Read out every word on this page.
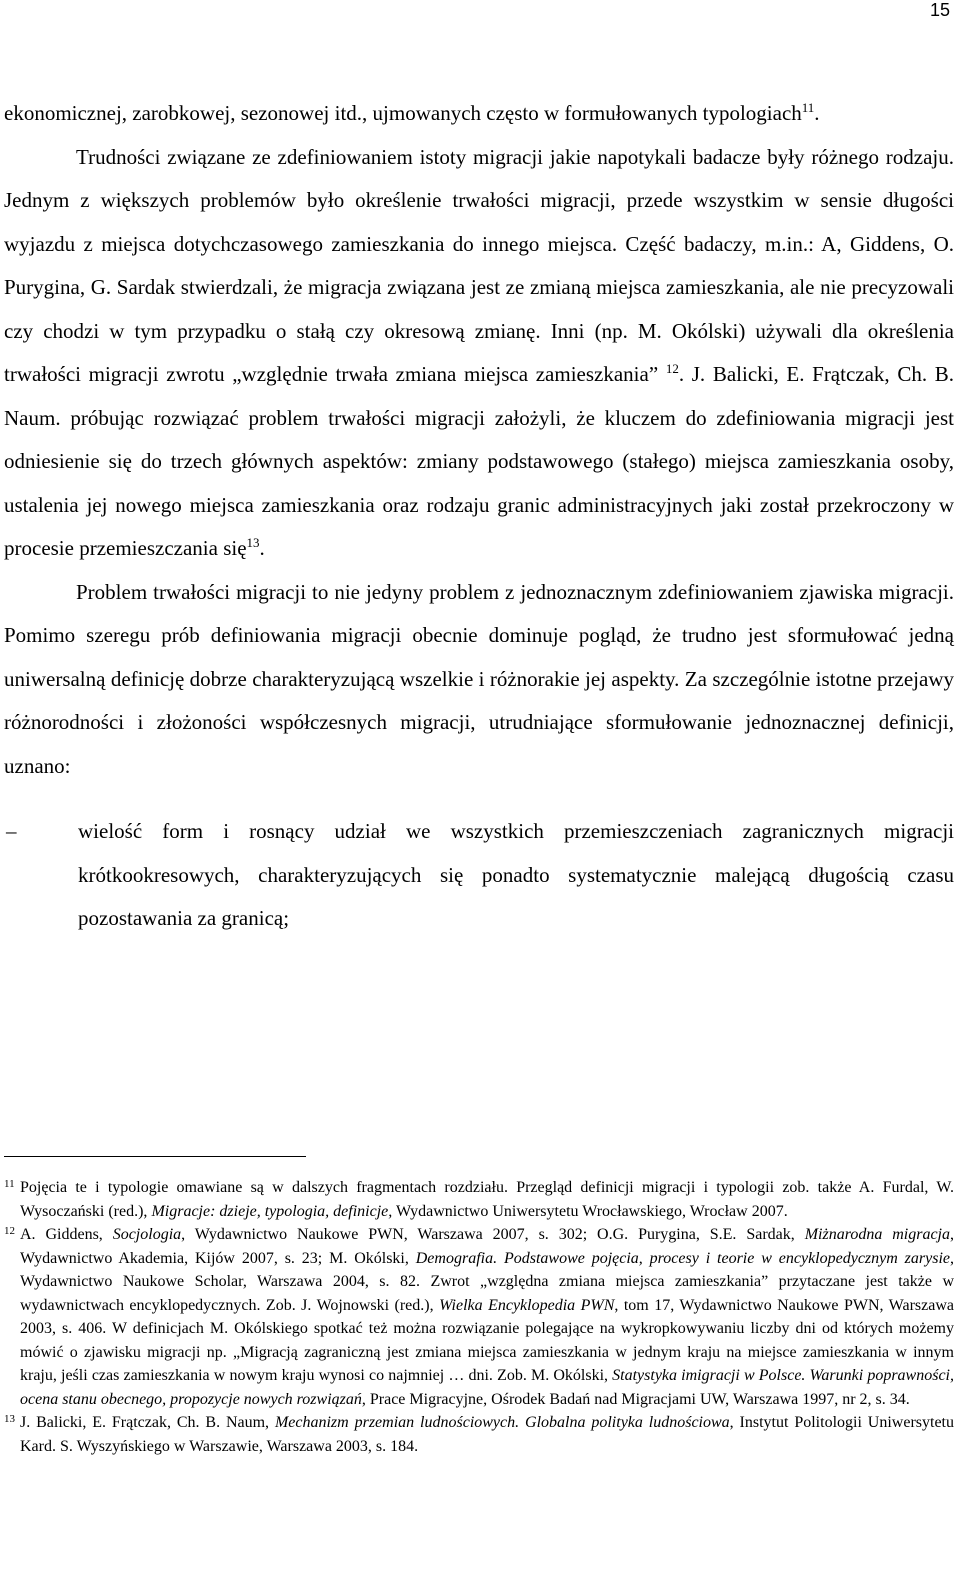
15

ekonomicznej, zarobkowej, sezonowej itd., ujmowanych często w formułowanych typologiach$^{11}$.

Trudności związane ze zdefiniowaniem istoty migracji jakie napotykali badacze były różnego rodzaju. Jednym z większych problemów było określenie trwałości migracji, przede wszystkim w sensie długości wyjazdu z miejsca dotychczasowego zamieszkania do innego miejsca. Część badaczy, m.in.: A, Giddens, O. Purygina, G. Sardak stwierdzali, że migracja związana jest ze zmianą miejsca zamieszkania, ale nie precyzowali czy chodzi w tym przypadku o stałą czy okresową zmianę. Inni (np. M. Okólski) używali dla określenia trwałości migracji zwrotu „względnie trwała zmiana miejsca zamieszkania” $^{12}$. J. Balicki, E. Frątczak, Ch. B. Naum. próbując rozwiązać problem trwałości migracji założyli, że kluczem do zdefiniowania migracji jest odniesienie się do trzech głównych aspektów: zmiany podstawowego (stałego) miejsca zamieszkania osoby, ustalenia jej nowego miejsca zamieszkania oraz rodzaju granic administracyjnych jaki został przekroczony w procesie przemieszczania się$^{13}$.

Problem trwałości migracji to nie jedyny problem z jednoznacznym zdefiniowaniem zjawiska migracji. Pomimo szeregu prób definiowania migracji obecnie dominuje pogląd, że trudno jest sformułować jedną uniwersalną definicję dobrze charakteryzującą wszelkie i różnorakie jej aspekty. Za szczególnie istotne przejawy różnorodności i złożoności współczesnych migracji, utrudniające sformułowanie jednoznacznej definicji, uznano:

–	wielość form i rosnący udział we wszystkich przemieszczeniach zagranicznych migracji krótkookresowych, charakteryzujących się ponadto systematycznie malejącą długością czasu pozostawania za granicą;
11 Pojęcia te i typologie omawiane są w dalszych fragmentach rozdziału. Przegląd definicji migracji i typologii zob. także A. Furdal, W. Wysoczański (red.), Migracje: dzieje, typologia, definicje, Wydawnictwo Uniwersytetu Wrocławskiego, Wrocław 2007.
12 A. Giddens, Socjologia, Wydawnictwo Naukowe PWN, Warszawa 2007, s. 302; O.G. Purygina, S.E. Sardak, Miżnarodna migracja, Wydawnictwo Akademia, Kijów 2007, s. 23; M. Okólski, Demografia. Podstawowe pojęcia, procesy i teorie w encyklopedycznym zarysie, Wydawnictwo Naukowe Scholar, Warszawa 2004, s. 82. Zwrot „względna zmiana miejsca zamieszkania” przytaczane jest także w wydawnictwach encyklopedycznych. Zob. J. Wojnowski (red.), Wielka Encyklopedia PWN, tom 17, Wydawnictwo Naukowe PWN, Warszawa 2003, s. 406. W definicjach M. Okólskiego spotkać też można rozwiązanie polegające na wykropkowywaniu liczby dni od których możemy mówić o zjawisku migracji np. „Migracją zagraniczną jest zmiana miejsca zamieszkania w jednym kraju na miejsce zamieszkania w innym kraju, jeśli czas zamieszkania w nowym kraju wynosi co najmniej … dni. Zob. M. Okólski, Statystyka imigracji w Polsce. Warunki poprawności, ocena stanu obecnego, propozycje nowych rozwiązań, Prace Migracyjne, Ośrodek Badań nad Migracjami UW, Warszawa 1997, nr 2, s. 34.
13 J. Balicki, E. Frątczak, Ch. B. Naum, Mechanizm przemian ludnościowych. Globalna polityka ludnościowa, Instytut Politologii Uniwersytetu Kard. S. Wyszyńskiego w Warszawie, Warszawa 2003, s. 184.
